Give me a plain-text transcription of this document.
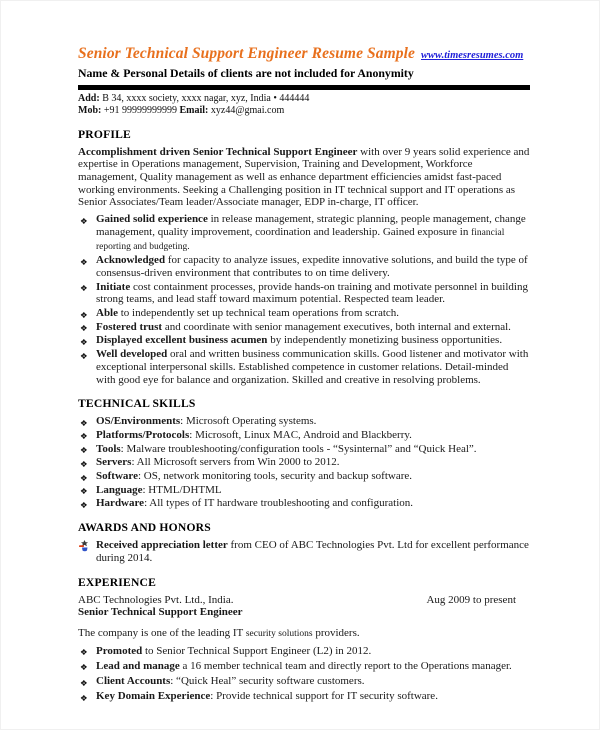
Senior Technical Support Engineer Resume Sample www.timesresumes.com
Name & Personal Details of clients are not included for Anonymity
Add: B 34, xxxx society, xxxx nagar, xyz, India • 444444
Mob: +91 99999999999 Email: xyz44@gmai.com
PROFILE

Accomplishment driven Senior Technical Support Engineer with over 9 years solid experience and expertise in Operations management, Supervision, Training and Development, Workforce management, Quality management as well as enhance department efficiencies amidst fast-paced working environments. Seeking a Challenging position in IT technical support and IT operations as Senior Associates/Team leader/Associate manager, EDP in-charge, IT officer.

❖ Gained solid experience in release management, strategic planning, people management, change management, quality improvement, coordination and leadership. Gained exposure in financial reporting and budgeting.
❖ Acknowledged for capacity to analyze issues, expedite innovative solutions, and build the type of consensus-driven environment that contributes to on time delivery.
❖ Initiate cost containment processes, provide hands-on training and motivate personnel in building strong teams, and lead staff toward maximum potential. Respected team leader.
❖ Able to independently set up technical team operations from scratch.
❖ Fostered trust and coordinate with senior management executives, both internal and external.
❖ Displayed excellent business acumen by independently monetizing business opportunities.
❖ Well developed oral and written business communication skills. Good listener and motivator with exceptional interpersonal skills. Established competence in customer relations. Detail-minded with good eye for balance and organization. Skilled and creative in resolving problems.
TECHNICAL SKILLS
❖ OS/Environments: Microsoft Operating systems.
❖ Platforms/Protocols: Microsoft, Linux MAC, Android and Blackberry.
❖ Tools: Malware troubleshooting/configuration tools - “Sysinternal” and “Quick Heal”.
❖ Servers: All Microsoft servers from Win 2000 to 2012.
❖ Software: OS, network monitoring tools, security and backup software.
❖ Language: HTML/DHTML
❖ Hardware: All types of IT hardware troubleshooting and configuration.
AWARDS AND HONORS
Received appreciation letter from CEO of ABC Technologies Pvt. Ltd for excellent performance during 2014.
EXPERIENCE
ABC Technologies Pvt. Ltd., India.	Aug 2009 to present
Senior Technical Support Engineer

The company is one of the leading IT security solutions providers.

❖ Promoted to Senior Technical Support Engineer (L2) in 2012.
❖ Lead and manage a 16 member technical team and directly report to the Operations manager.
❖ Client Accounts: “Quick Heal” security software customers.
❖ Key Domain Experience: Provide technical support for IT security software.
